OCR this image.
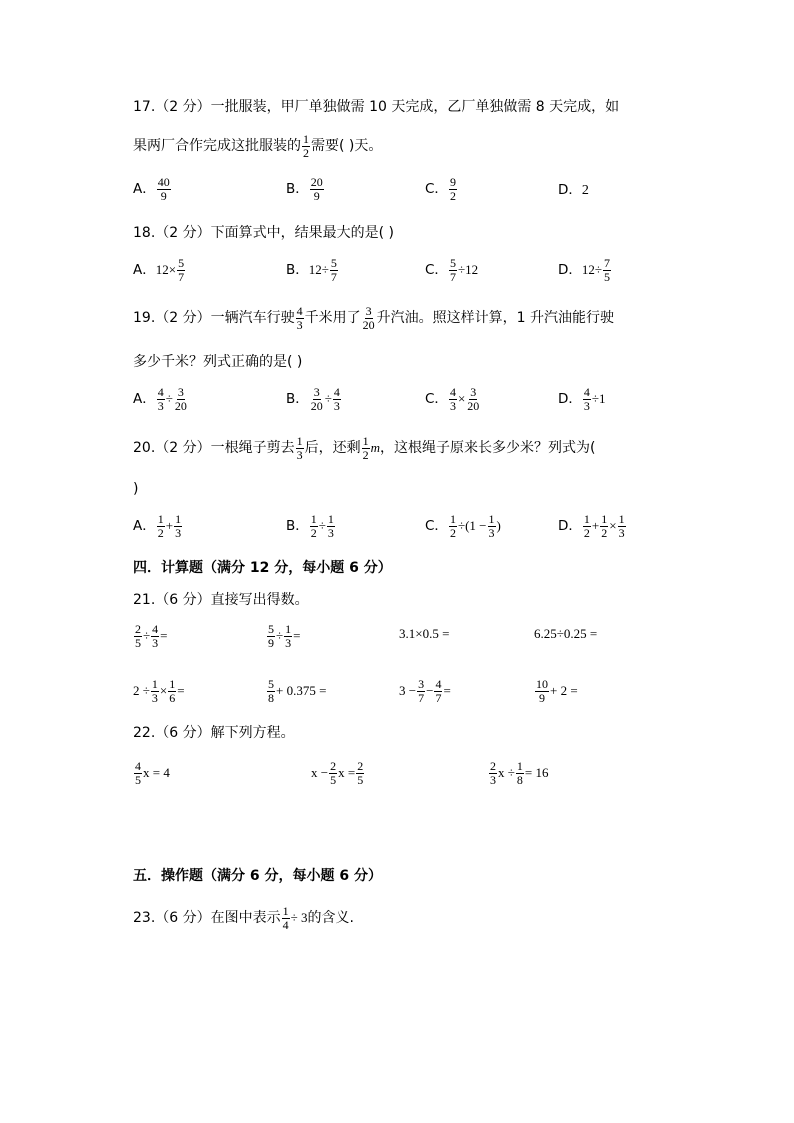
17.（2 分）一批服装，甲厂单独做需 10 天完成，乙厂单独做需 8 天完成，如
果两厂合作完成这批服装的 $\frac{1}{2}$ 需要( )天。
A． $\frac{40}{9}$	B． $\frac{20}{9}$	C． $\frac{9}{2}$	D．2
18.（2 分）下面算式中，结果最大的是( )
A．$12\times \frac{5}{7}$	B．$12\div \frac{5}{7}$	C． $\frac{5}{7} \div 12$	D．$12\div \frac{7}{5}$
19.（2 分）一辆汽车行驶 $\frac{4}{3}$ 千米用了 $\frac{3}{20}$ 升汽油。照这样计算，1 升汽油能行驶
多少千米？列式正确的是( )
A． $\frac{4}{3} \div \frac{3}{20}$	B． $\frac{3}{20} \div \frac{4}{3}$	C． $\frac{4}{3} \times \frac{3}{20}$	D． $\frac{4}{3} \div 1$
20.（2 分）一根绳子剪去 $\frac{1}{3}$ 后，还剩 $\frac{1}{2}$ m，这根绳子原来长多少米？列式为(
)
A． $\frac{1}{2} + \frac{1}{3}$	B． $\frac{1}{2} \div \frac{1}{3}$	C． $\frac{1}{2} \div(1 - \frac{1}{3}$ )	D． $\frac{1}{2} + \frac{1}{2} \times \frac{1}{3}$
四．计算题（满分 12 分，每小题 6 分）
21.（6 分）直接写出得数。
$\frac{2}{5} \div \frac{4}{3}$ =	$\frac{5}{9} \div \frac{1}{3}$ =	3.1×0.5 =	6.25÷0.25 =
$2 \div \frac{1}{3} \times \frac{1}{6}$ =	$\frac{5}{8} + 0.375$ =	$3 - \frac{3}{7} - \frac{4}{7}$ =	$\frac{10}{9} + 2$ =
22.（6 分）解下列方程。
$\frac{4}{5}$ x = 4	$x - \frac{2}{5}$ $x = \frac{2}{5}$	$\frac{2}{3}$ $x \div \frac{1}{8} = 16$
五．操作题（满分 6 分，每小题 6 分）
23.（6 分）在图中表示 $\frac{1}{4} \div 3$的含义.
